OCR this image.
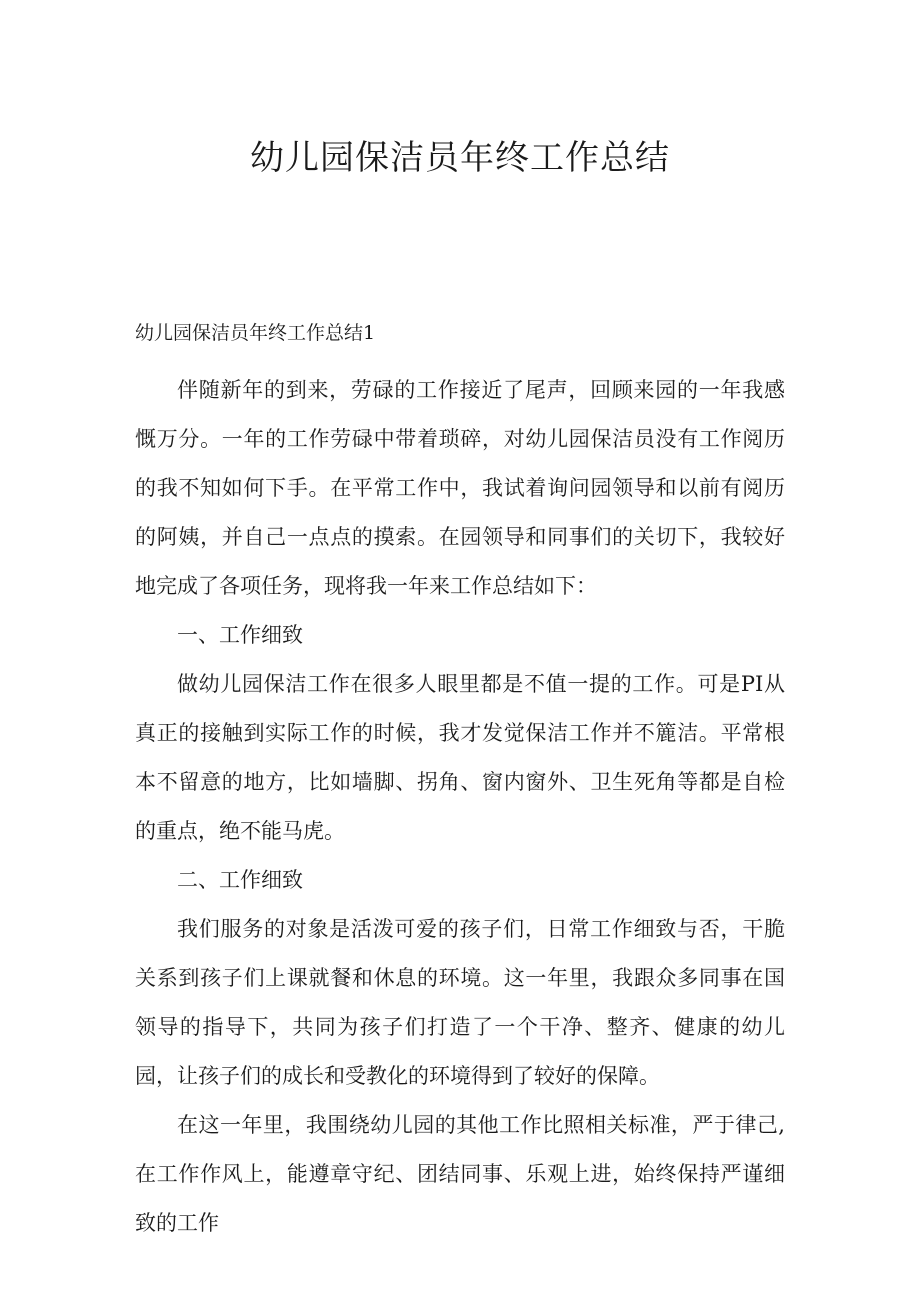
幼儿园保洁员年终工作总结

幼儿园保洁员年终工作总结1

伴随新年的到来，劳碌的工作接近了尾声，回顾来园的一年我感慨万分。一年的工作劳碌中带着琐碎，对幼儿园保洁员没有工作阅历的我不知如何下手。在平常工作中，我试着询问园领导和以前有阅历的阿姨，并自己一点点的摸索。在园领导和同事们的关切下，我较好地完成了各项任务，现将我一年来工作总结如下：

一、工作细致

做幼儿园保洁工作在很多人眼里都是不值一提的工作。可是PI从真正的接触到实际工作的时候，我才发觉保洁工作并不簏洁。平常根本不留意的地方，比如墙脚、拐角、窗内窗外、卫生死角等都是自检的重点，绝不能马虎。

二、工作细致

我们服务的对象是活泼可爱的孩子们，日常工作细致与否，干脆关系到孩子们上课就餐和休息的环境。这一年里，我跟众多同事在国领导的指导下，共同为孩子们打造了一个干净、整齐、健康的幼儿园，让孩子们的成长和受教化的环境得到了较好的保障。

在这一年里，我围绕幼儿园的其他工作比照相关标准，严于律己,在工作作风上，能遵章守纪、团结同事、乐观上进，始终保持严谨细致的工作
